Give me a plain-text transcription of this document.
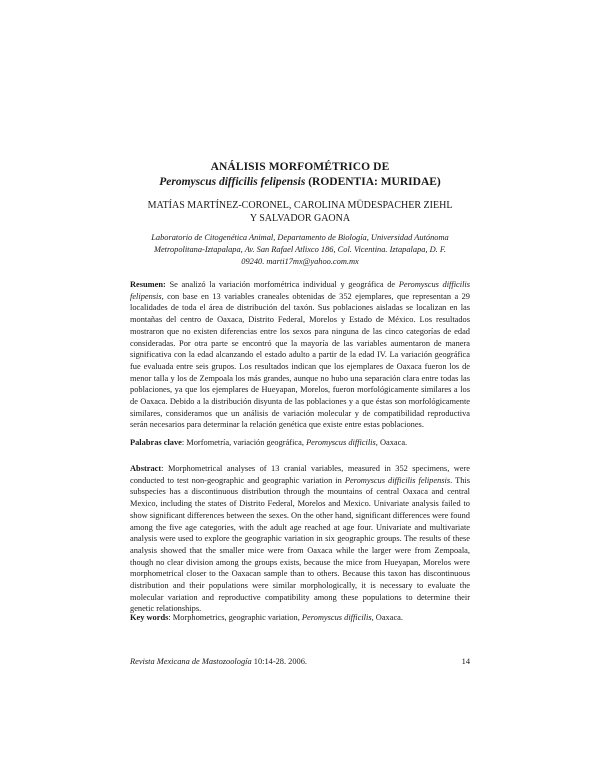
ANÁLISIS MORFOMÉTRICO DE
Peromyscus difficilis felipensis (RODENTIA: MURIDAE)
MATÍAS MARTÍNEZ-CORONEL, CAROLINA MÜDESPACHER ZIEHL
Y SALVADOR GAONA
Laboratorio de Citogenética Animal, Departamento de Biología, Universidad Autónoma
Metropolitana-Iztapalapa, Av. San Rafael Atlixco 186, Col. Vicentina. Iztapalapa, D. F.
09240. marti17mx@yahoo.com.mx
Resumen: Se analizó la variación morfométrica individual y geográfica de Peromyscus difficilis felipensis, con base en 13 variables craneales obtenidas de 352 ejemplares, que representan a 29 localidades de toda el área de distribución del taxón. Sus poblaciones aisladas se localizan en las montañas del centro de Oaxaca, Distrito Federal, Morelos y Estado de México. Los resultados mostraron que no existen diferencias entre los sexos para ninguna de las cinco categorías de edad consideradas. Por otra parte se encontró que la mayoría de las variables aumentaron de manera significativa con la edad alcanzando el estado adulto a partir de la edad IV. La variación geográfica fue evaluada entre seis grupos. Los resultados indican que los ejemplares de Oaxaca fueron los de menor talla y los de Zempoala los más grandes, aunque no hubo una separación clara entre todas las poblaciones, ya que los ejemplares de Hueyapan, Morelos, fueron morfológicamente similares a los de Oaxaca. Debido a la distribución disyunta de las poblaciones y a que éstas son morfológicamente similares, consideramos que un análisis de variación molecular y de compatibilidad reproductiva serán necesarios para determinar la relación genética que existe entre estas poblaciones.
Palabras clave: Morfometría, variación geográfica, Peromyscus difficilis, Oaxaca.
Abstract: Morphometrical analyses of 13 cranial variables, measured in 352 specimens, were conducted to test non-geographic and geographic variation in Peromyscus difficilis felipensis. This subspecies has a discontinuous distribution through the mountains of central Oaxaca and central Mexico, including the states of Distrito Federal, Morelos and Mexico. Univariate analysis failed to show significant differences between the sexes. On the other hand, significant differences were found among the five age categories, with the adult age reached at age four. Univariate and multivariate analysis were used to explore the geographic variation in six geographic groups. The results of these analysis showed that the smaller mice were from Oaxaca while the larger were from Zempoala, though no clear division among the groups exists, because the mice from Hueyapan, Morelos were morphometrical closer to the Oaxacan sample than to others. Because this taxon has discontinuous distribution and their populations were similar morphologically, it is necessary to evaluate the molecular variation and reproductive compatibility among these populations to determine their genetic relationships.
Key words: Morphometrics, geographic variation, Peromyscus difficilis, Oaxaca.
Revista Mexicana de Mastozoología 10:14-28. 2006.	14
